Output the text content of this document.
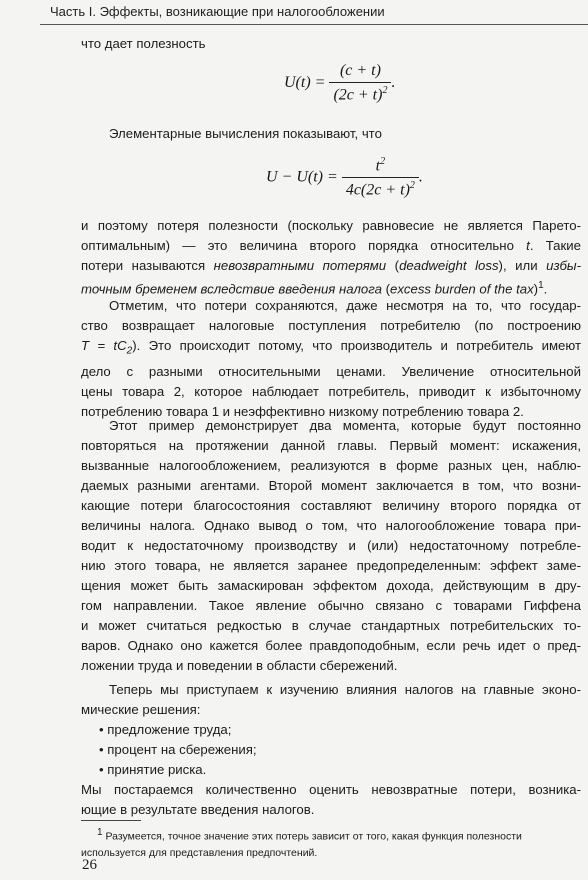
Часть I. Эффекты, возникающие при налогообложении
что дает полезность
$U(t) = \frac{(c + t)}{(2c + t)^2}$ .
Элементарные вычисления показывают, что
$U - U(t) = \frac{t^2}{4c(2c + t)^2}$ .
и поэтому потеря полезности (поскольку равновесие не является Парето-
оптимальным) — это величина второго порядка относительно t. Такие
потери называются невозвратными потерями (deadweight loss), или избы-
точным бременем вследствие введения налога (excess burden of the tax)$^1$.
Отметим, что потери сохраняются, даже несмотря на то, что государ-
ство возвращает налоговые поступления потребителю (по построению
$T = tC_2$). Это происходит потому, что производитель и потребитель имеют
дело с разными относительными ценами. Увеличение относительной
цены товара 2, которое наблюдает потребитель, приводит к избыточному
потреблению товара 1 и неэффективно низкому потреблению товара 2.
Этот пример демонстрирует два момента, которые будут постоянно
повторяться на протяжении данной главы. Первый момент: искажения,
вызванные налогообложением, реализуются в форме разных цен, наблю-
даемых разными агентами. Второй момент заключается в том, что возни-
кающие потери благосостояния составляют величину второго порядка от
величины налога. Однако вывод о том, что налогообложение товара при-
водит к недостаточному производству и (или) недостаточному потребле-
нию этого товара, не является заранее предопределенным: эффект заме-
щения может быть замаскирован эффектом дохода, действующим в дру-
гом направлении. Такое явление обычно связано с товарами Гиффена
и может считаться редкостью в случае стандартных потребительских то-
варов. Однако оно кажется более правдоподобным, если речь идет о пред-
ложении труда и поведении в области сбережений.
Теперь мы приступаем к изучению влияния налогов на главные эконо-
мические решения:
• предложение труда;
• процент на сбережения;
• принятие риска.
Мы постараемся количественно оценить невозвратные потери, возника-
ющие в результате введения налогов.
$^1$ Разумеется, точное значение этих потерь зависит от того, какая функция полезности
используется для представления предпочтений.
26
